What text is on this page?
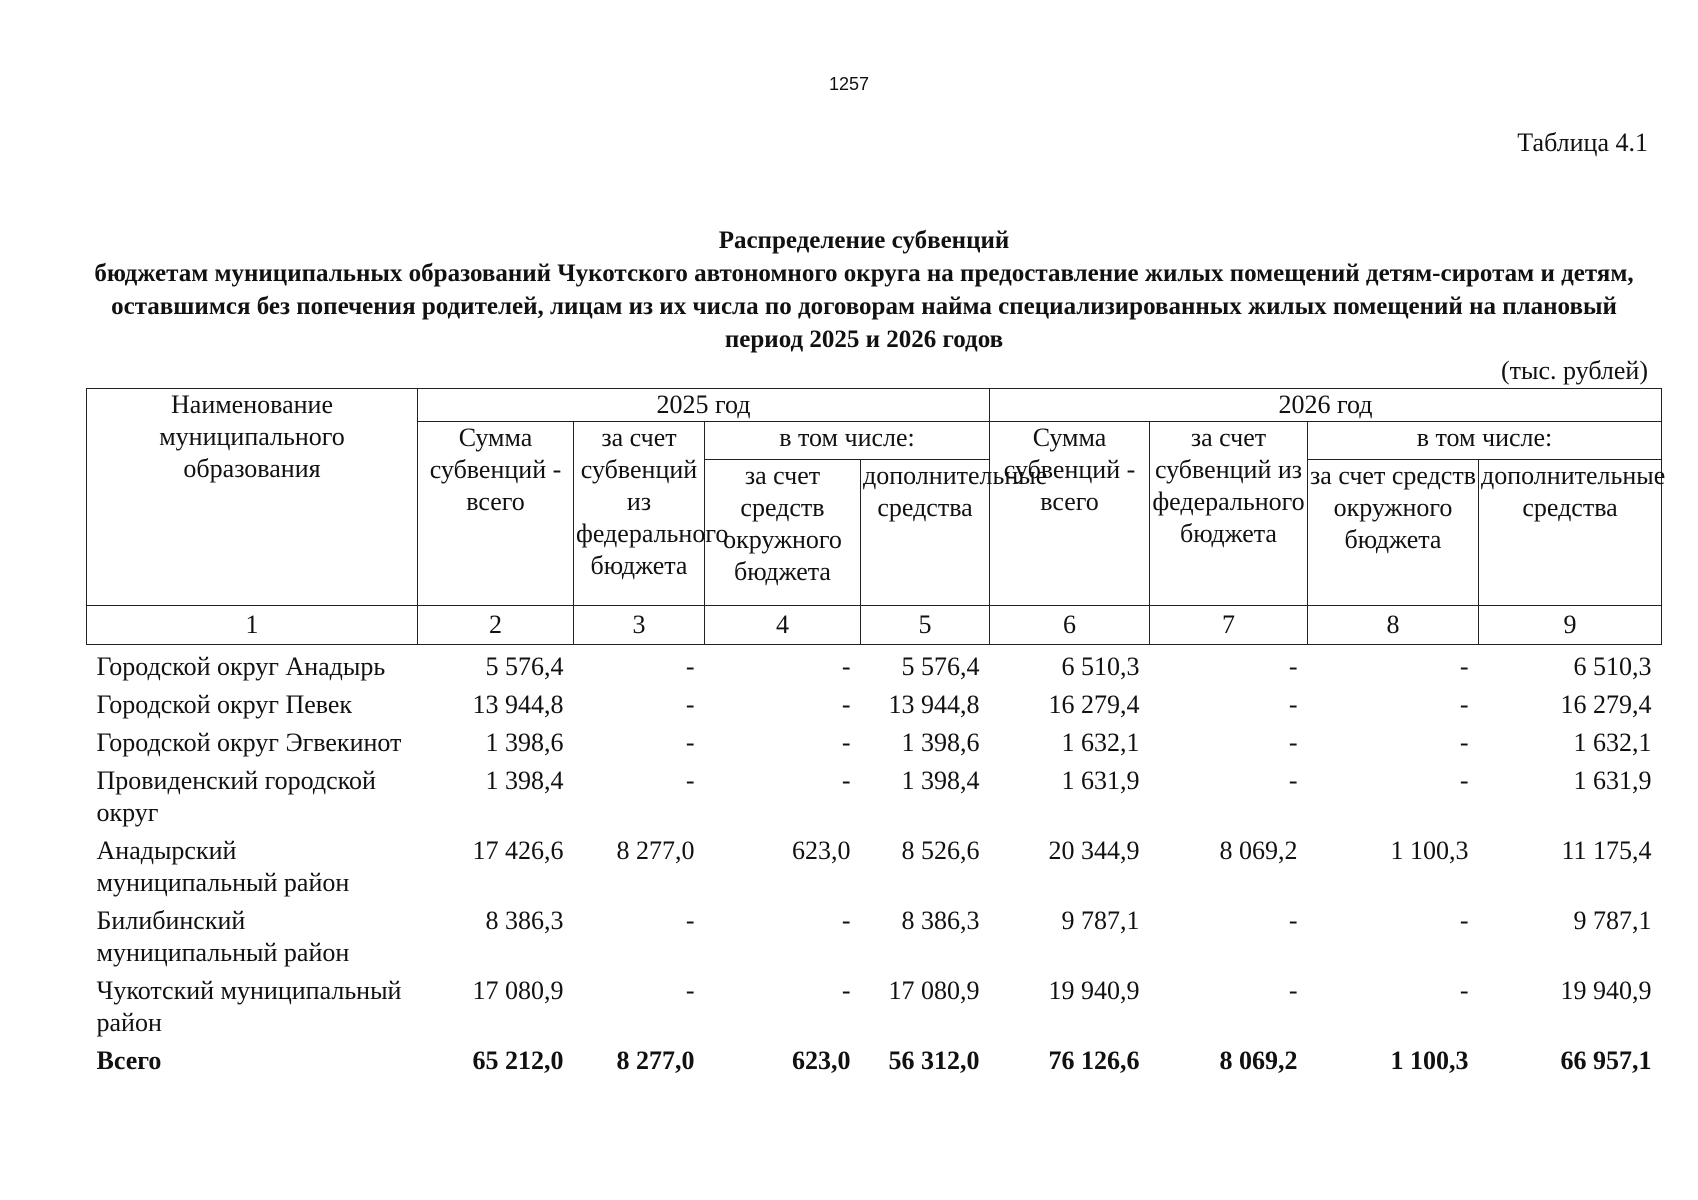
1257
Таблица 4.1
Распределение субвенций
бюджетам муниципальных образований Чукотского автономного округа на предоставление жилых помещений детям-сиротам и детям, оставшимся без попечения родителей, лицам из их числа по договорам найма специализированных жилых помещений на плановый период 2025 и 2026 годов
(тыс. рублей)
Наименование муниципального образования	2025 год				2026 год			
	Сумма субвенций - всего	за счет субвенций из федерального бюджета	в том числе:		Сумма субвенций - всего	за счет субвенций из федерального бюджета	в том числе:	
			за счет средств окружного бюджета	дополнительные средства			за счет средств окружного бюджета	дополнительные средства
1	2	3	4	5	6	7	8	9
Городской округ Анадырь	5 576,4	-	-	5 576,4	6 510,3	-	-	6 510,3
Городской округ Певек	13 944,8	-	-	13 944,8	16 279,4	-	-	16 279,4
Городской округ Эгвекинот	1 398,6	-	-	1 398,6	1 632,1	-	-	1 632,1
Провиденский городской округ	1 398,4	-	-	1 398,4	1 631,9	-	-	1 631,9
Анадырский муниципальный район	17 426,6	8 277,0	623,0	8 526,6	20 344,9	8 069,2	1 100,3	11 175,4
Билибинский муниципальный район	8 386,3	-	-	8 386,3	9 787,1	-	-	9 787,1
Чукотский муниципальный район	17 080,9	-	-	17 080,9	19 940,9	-	-	19 940,9
Всего	65 212,0	8 277,0	623,0	56 312,0	76 126,6	8 069,2	1 100,3	66 957,1
